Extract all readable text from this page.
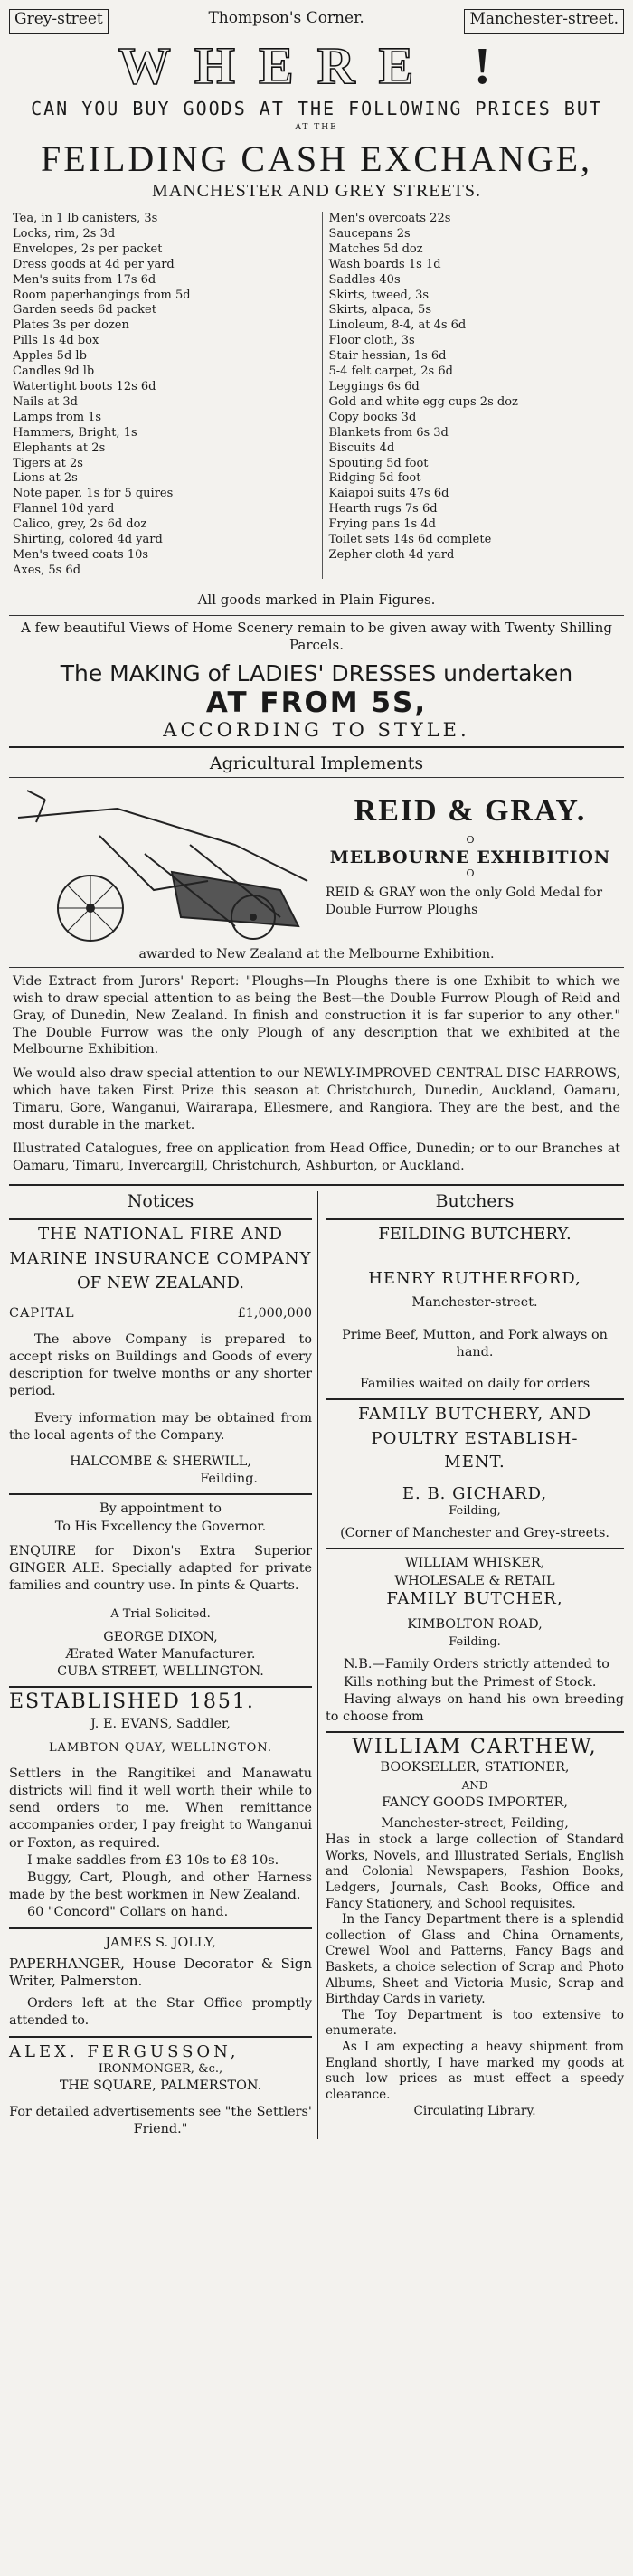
Grey-street	Thompson's Corner.	Manchester-street.
WHERE !
CAN YOU BUY GOODS AT THE FOLLOWING PRICES BUT
AT THE
FEILDING CASH EXCHANGE,
MANCHESTER AND GREY STREETS.
Tea, in 1 lb canisters, 3s
Locks, rim, 2s 3d
Envelopes, 2s per packet
Dress goods at 4d per yard
Men's suits from 17s 6d
Room paperhangings from 5d
Garden seeds 6d packet
Plates 3s per dozen
Pills 1s 4d box
Apples 5d lb
Candles 9d lb
Watertight boots 12s 6d
Nails at 3d
Lamps from 1s
Hammers, Bright, 1s
Elephants at 2s
Tigers at 2s
Lions at 2s
Note paper, 1s for 5 quires
Flannel 10d yard
Calico, grey, 2s 6d doz
Shirting, colored 4d yard
Men's tweed coats 10s
Axes, 5s 6d
Men's overcoats 22s
Saucepans 2s
Matches 5d doz
Wash boards 1s 1d
Saddles 40s
Skirts, tweed, 3s
Skirts, alpaca, 5s
Linoleum, 8-4, at 4s 6d
Floor cloth, 3s
Stair hessian, 1s 6d
5-4 felt carpet, 2s 6d
Leggings 6s 6d
Gold and white egg cups 2s doz
Copy books 3d
Blankets from 6s 3d
Biscuits 4d
Spouting 5d foot
Ridging 5d foot
Kaiapoi suits 47s 6d
Hearth rugs 7s 6d
Frying pans 1s 4d
Toilet sets 14s 6d complete
Zepher cloth 4d yard
All goods marked in Plain Figures.
A few beautiful Views of Home Scenery remain to be given away with Twenty Shilling Parcels.
The MAKING of LADIES' DRESSES undertaken
AT FROM 5S,
ACCORDING TO STYLE.
Agricultural Implements
REID & GRAY.
O
MELBOURNE EXHIBITION
O
REID & GRAY won the only Gold Medal for Double Furrow Ploughs
awarded to New Zealand at the Melbourne Exhibition.
Vide Extract from Jurors' Report: "Ploughs—In Ploughs there is one Exhibit to which we wish to draw special attention to as being the Best—the Double Furrow Plough of Reid and Gray, of Dunedin, New Zealand. In finish and construction it is far superior to any other." The Double Furrow was the only Plough of any description that we exhibited at the Melbourne Exhibition.
We would also draw special attention to our NEWLY-IMPROVED CENTRAL DISC HARROWS, which have taken First Prize this season at Christchurch, Dunedin, Auckland, Oamaru, Timaru, Gore, Wanganui, Wairarapa, Ellesmere, and Rangiora. They are the best, and the most durable in the market.
Illustrated Catalogues, free on application from Head Office, Dunedin; or to our Branches at Oamaru, Timaru, Invercargill, Christchurch, Ashburton, or Auckland.
Notices
THE NATIONAL FIRE AND
MARINE INSURANCE COMPANY
OF NEW ZEALAND.
CAPITAL	£1,000,000
The above Company is prepared to accept risks on Buildings and Goods of every description for twelve months or any shorter period.
Every information may be obtained from the local agents of the Company.
HALCOMBE & SHERWILL,
Feilding.
By appointment to
To His Excellency the Governor.
ENQUIRE for Dixon's Extra Superior GINGER ALE. Specially adapted for private families and country use. In pints & Quarts.
A Trial Solicited.
GEORGE DIXON,
Ærated Water Manufacturer.
CUBA-STREET, WELLINGTON.
ESTABLISHED 1851.
J. E. EVANS, Saddler,
LAMBTON QUAY, WELLINGTON.
Settlers in the Rangitikei and Manawatu districts will find it well worth their while to send orders to me. When remittance accompanies order, I pay freight to Wanganui or Foxton, as required.
I make saddles from £3 10s to £8 10s.
Buggy, Cart, Plough, and other Harness made by the best workmen in New Zealand.
60 "Concord" Collars on hand.
JAMES S. JOLLY,
PAPERHANGER, House Decorator & Sign Writer, Palmerston.
Orders left at the Star Office promptly attended to.
ALEX. FERGUSSON,
IRONMONGER, &c.,
THE SQUARE, PALMERSTON.
For detailed advertisements see "the Settlers' Friend."
Butchers
FEILDING BUTCHERY.
HENRY RUTHERFORD,
Manchester-street.
Prime Beef, Mutton, and Pork always on hand.
Families waited on daily for orders
FAMILY BUTCHERY, AND
POULTRY ESTABLISH-
MENT.
E. B. GICHARD,
Feilding,
(Corner of Manchester and Grey-streets.
WILLIAM WHISKER,
WHOLESALE & RETAIL
FAMILY BUTCHER,
KIMBOLTON ROAD,
Feilding.
N.B.—Family Orders strictly attended to
Kills nothing but the Primest of Stock.
Having always on hand his own breeding to choose from
WILLIAM CARTHEW,
BOOKSELLER, STATIONER,
AND
FANCY GOODS IMPORTER,
Manchester-street, Feilding,
Has in stock a large collection of Standard Works, Novels, and Illustrated Serials, English and Colonial Newspapers, Fashion Books, Ledgers, Journals, Cash Books, Office and Fancy Stationery, and School requisites.
In the Fancy Department there is a splendid collection of Glass and China Ornaments, Crewel Wool and Patterns, Fancy Bags and Baskets, a choice selection of Scrap and Photo Albums, Sheet and Victoria Music, Scrap and Birthday Cards in variety.
The Toy Department is too extensive to enumerate.
As I am expecting a heavy shipment from England shortly, I have marked my goods at such low prices as must effect a speedy clearance.
Circulating Library.
